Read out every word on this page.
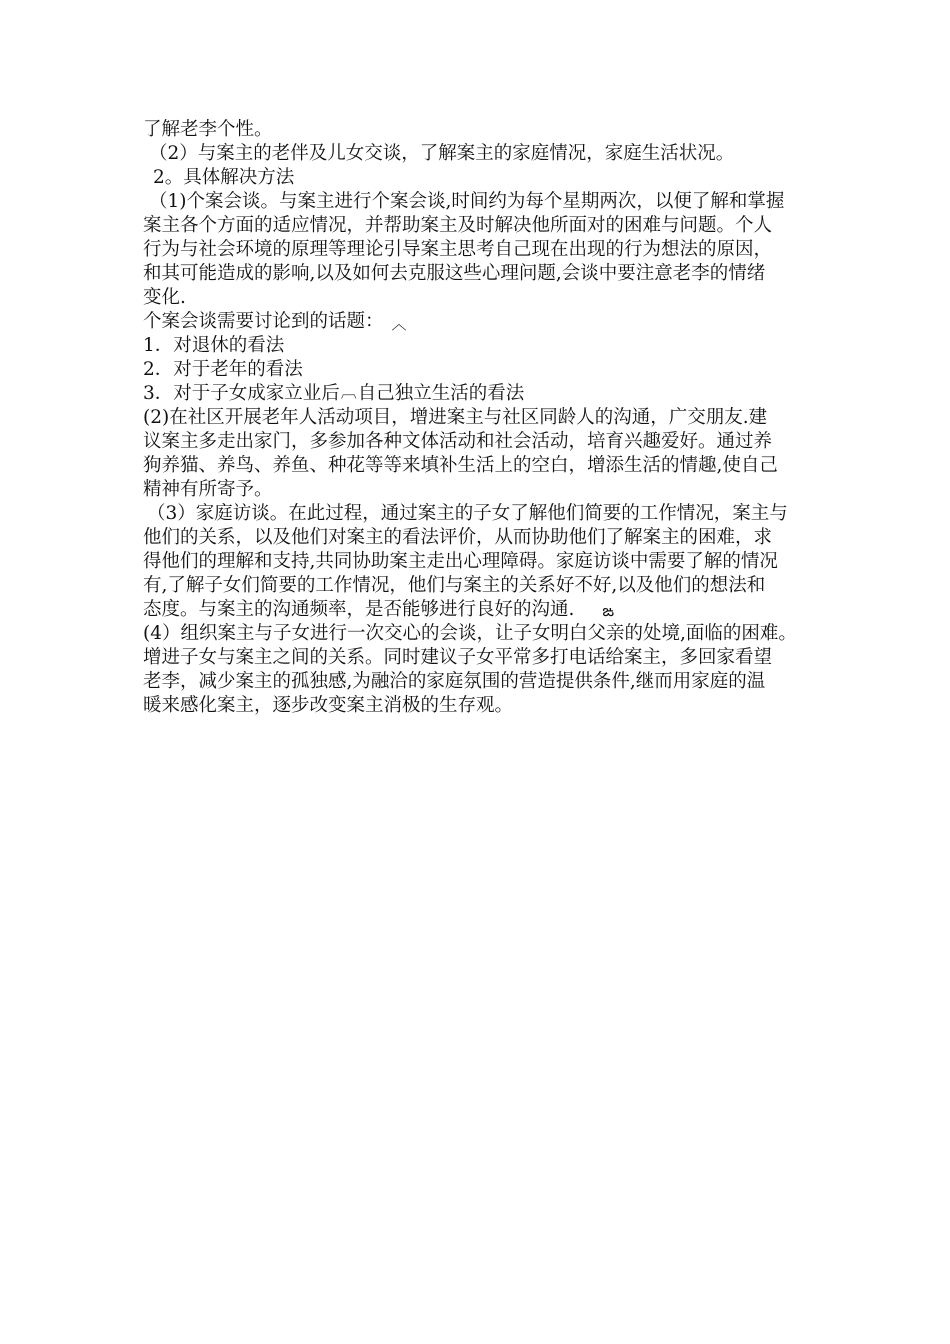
了解老李个性。
（2）与案主的老伴及儿女交谈，了解案主的家庭情况，家庭生活状况。
2。具体解决方法
（1)个案会谈。与案主进行个案会谈,时间约为每个星期两次，以便了解和掌握
案主各个方面的适应情况，并帮助案主及时解决他所面对的困难与问题。个人
行为与社会环境的原理等理论引导案主思考自己现在出现的行为想法的原因，
和其可能造成的影响,以及如何去克服这些心理问题,会谈中要注意老李的情绪
变化.
个案会谈需要讨论到的话题： ︿
1．对退休的看法
2．对于老年的看法
3．对于子女成家立业后︹自己独立生活的看法
(2)在社区开展老年人活动项目，增进案主与社区同龄人的沟通，广交朋友.建
议案主多走出家门，多参加各种文体活动和社会活动，培育兴趣爱好。通过养
狗养猫、养鸟、养鱼、种花等等来填补生活上的空白，增添生活的情趣,使自己
精神有所寄予。
（3）家庭访谈。在此过程，通过案主的子女了解他们简要的工作情况，案主与
他们的关系，以及他们对案主的看法评价，从而协助他们了解案主的困难，求
得他们的理解和支持,共同协助案主走出心理障碍。家庭访谈中需要了解的情况
有,了解子女们简要的工作情况，他们与案主的关系好不好,以及他们的想法和
态度。与案主的沟通频率，是否能够进行良好的沟通. ఙ
(4）组织案主与子女进行一次交心的会谈，让子女明白父亲的处境,面临的困难。
增进子女与案主之间的关系。同时建议子女平常多打电话给案主，多回家看望
老李，减少案主的孤独感,为融洽的家庭氛围的营造提供条件,继而用家庭的温
暖来感化案主，逐步改变案主消极的生存观。
